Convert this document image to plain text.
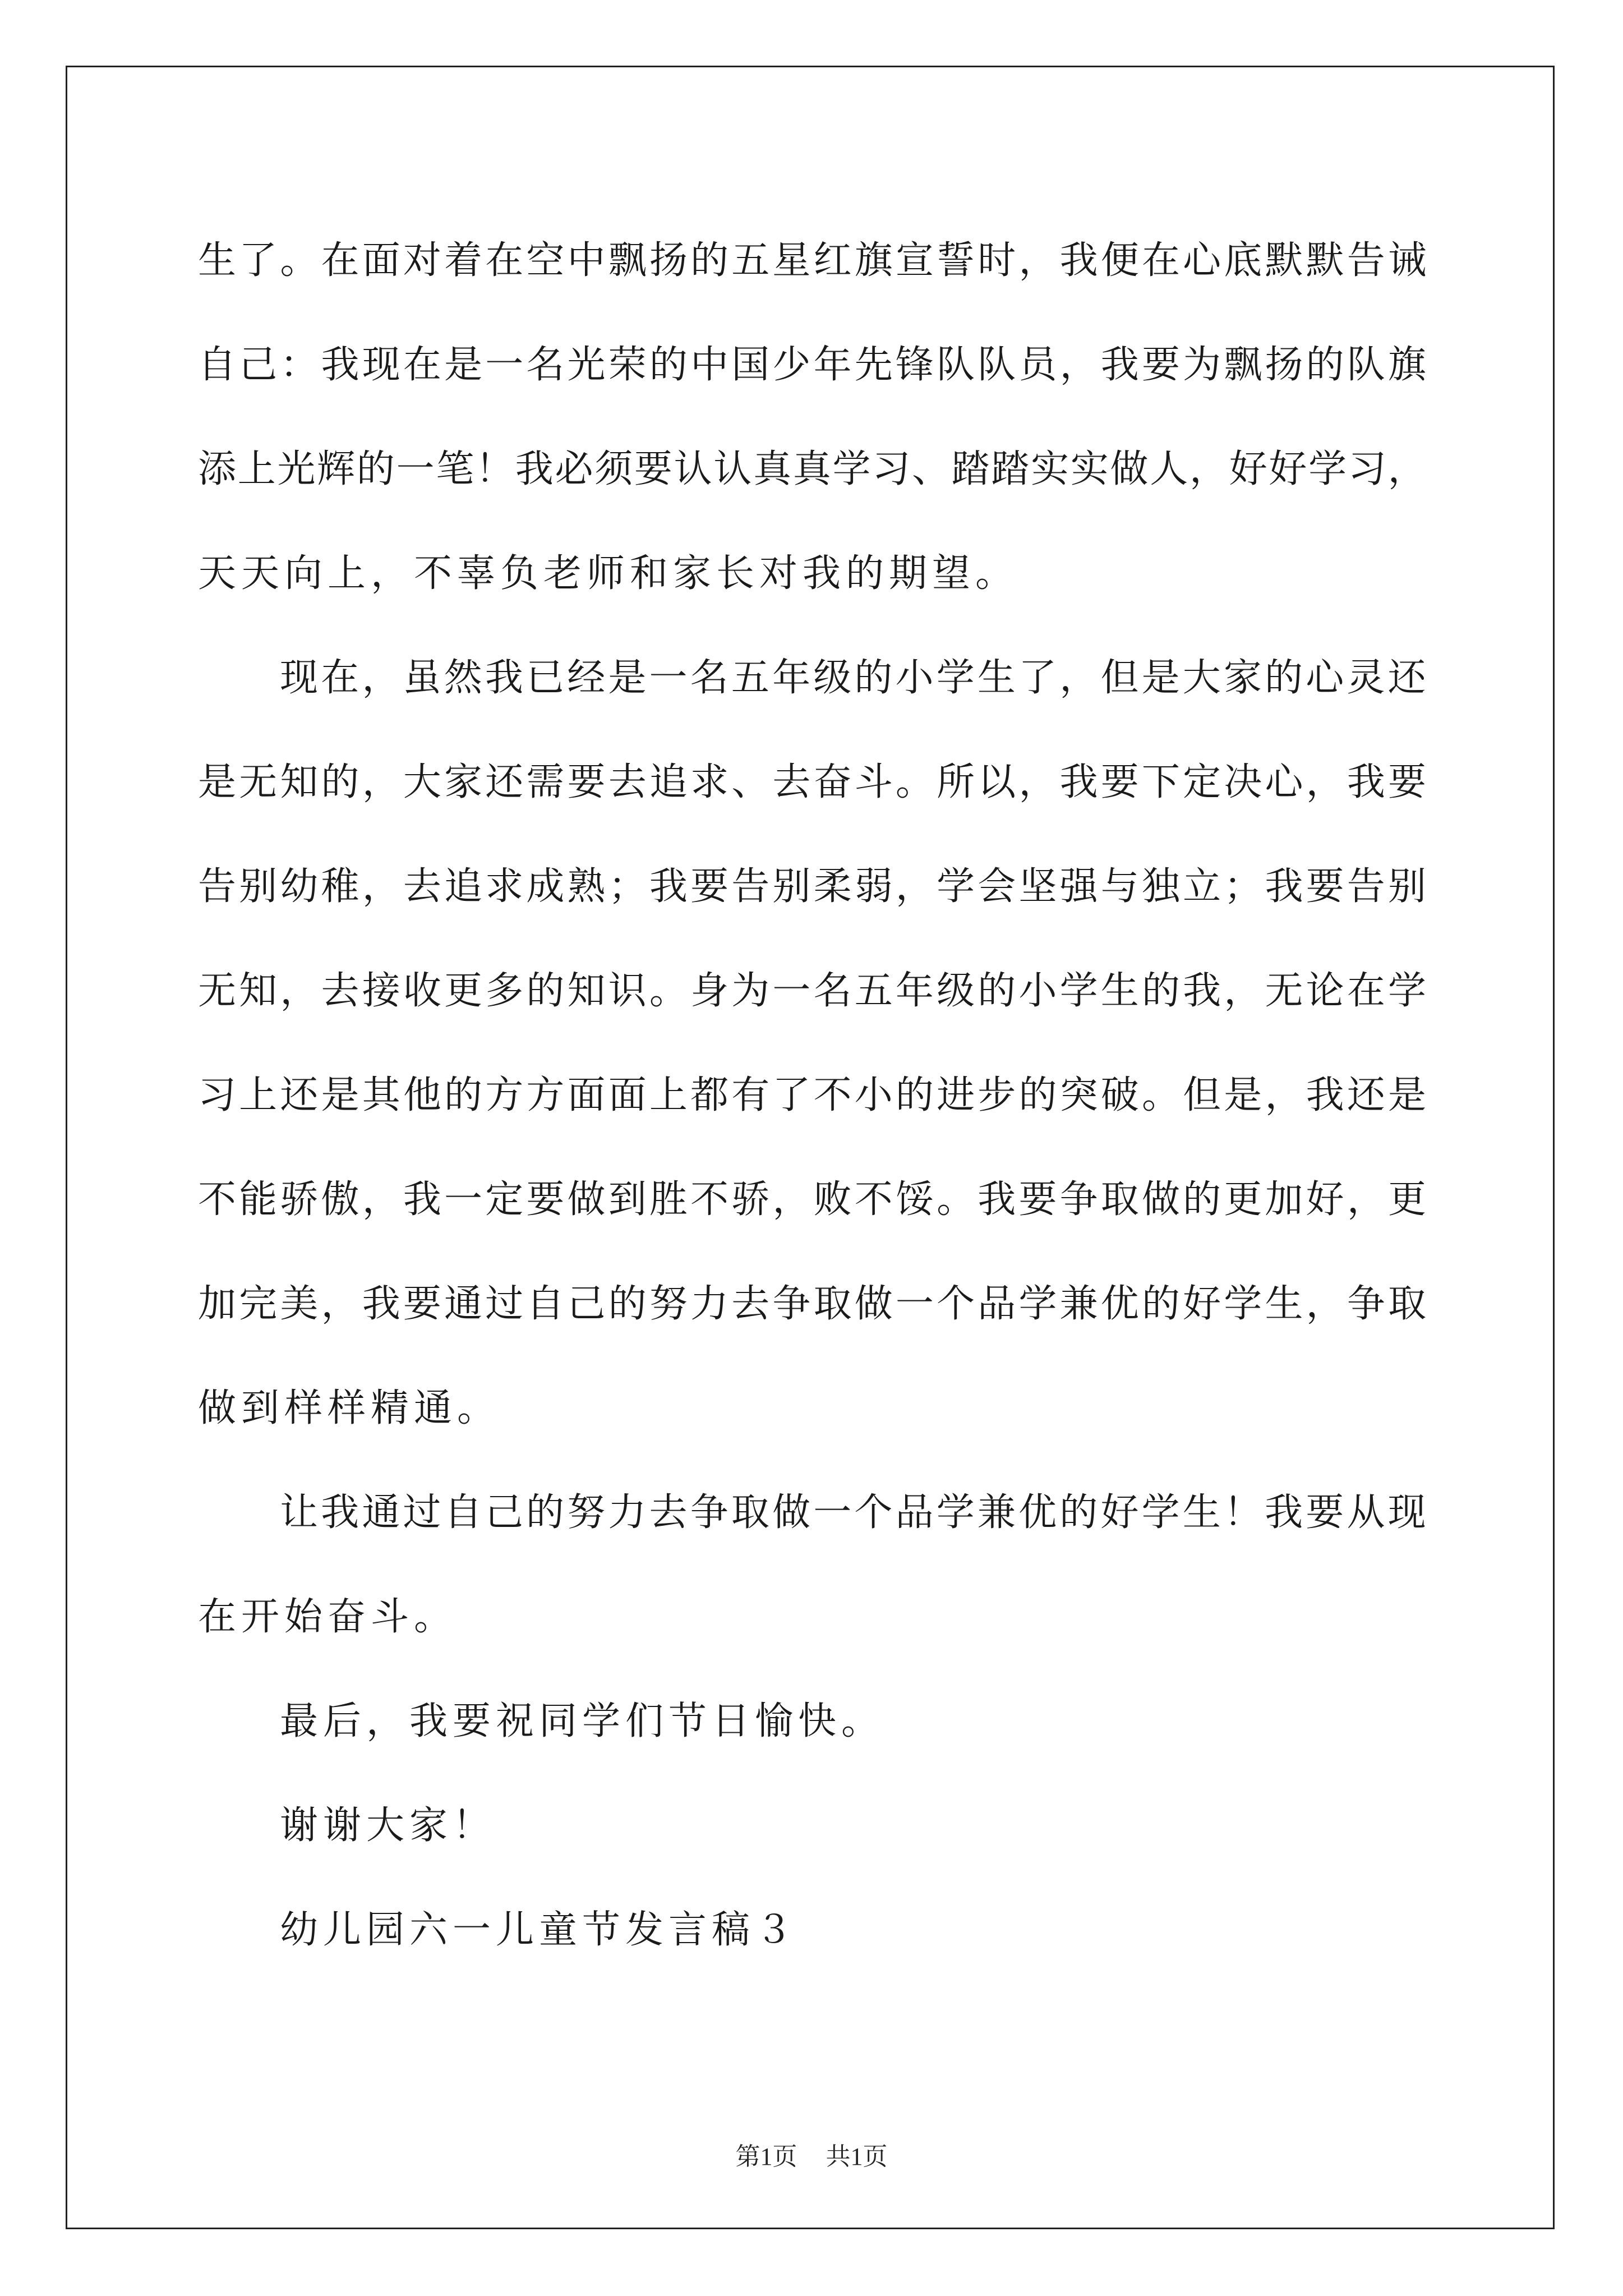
生 了 。 在 面 对 着 在 空 中 飘 扬 的 五 星 红 旗 宣 誓 时 ， 我 便 在 心 底 默 默 告 诫
自 己 ： 我 现 在 是 一 名 光 荣 的 中 国 少 年 先 锋 队 队 员 ， 我 要 为 飘 扬 的 队 旗
添 上 光 辉 的 一 笔 ！ 我 必 须 要 认 认 真 真 学 习 、 踏 踏 实 实 做 人 ， 好 好 学 习 ，
天天向上，不辜负老师和家长对我的期望。
现 在 ， 虽 然 我 已 经 是 一 名 五 年 级 的 小 学 生 了 ， 但 是 大 家 的 心 灵 还
是 无 知 的 ， 大 家 还 需 要 去 追 求 、 去 奋 斗 。 所 以 ， 我 要 下 定 决 心 ， 我 要
告 别 幼 稚 ， 去 追 求 成 熟 ； 我 要 告 别 柔 弱 ， 学 会 坚 强 与 独 立 ； 我 要 告 别
无 知 ， 去 接 收 更 多 的 知 识 。 身 为 一 名 五 年 级 的 小 学 生 的 我 ， 无 论 在 学
习 上 还 是 其 他 的 方 方 面 面 上 都 有 了 不 小 的 进 步 的 突 破 。 但 是 ， 我 还 是
不 能 骄 傲 ， 我 一 定 要 做 到 胜 不 骄 ， 败 不 馁 。 我 要 争 取 做 的 更 加 好 ， 更
加 完 美 ， 我 要 通 过 自 己 的 努 力 去 争 取 做 一 个 品 学 兼 优 的 好 学 生 ， 争 取
做到样样精通。
让 我 通 过 自 己 的 努 力 去 争 取 做 一 个 品 学 兼 优 的 好 学 生 ！ 我 要 从 现
在开始奋斗。
最后，我要祝同学们节日愉快。
谢谢大家！
幼儿园六一儿童节发言稿３
第1页 共1页
